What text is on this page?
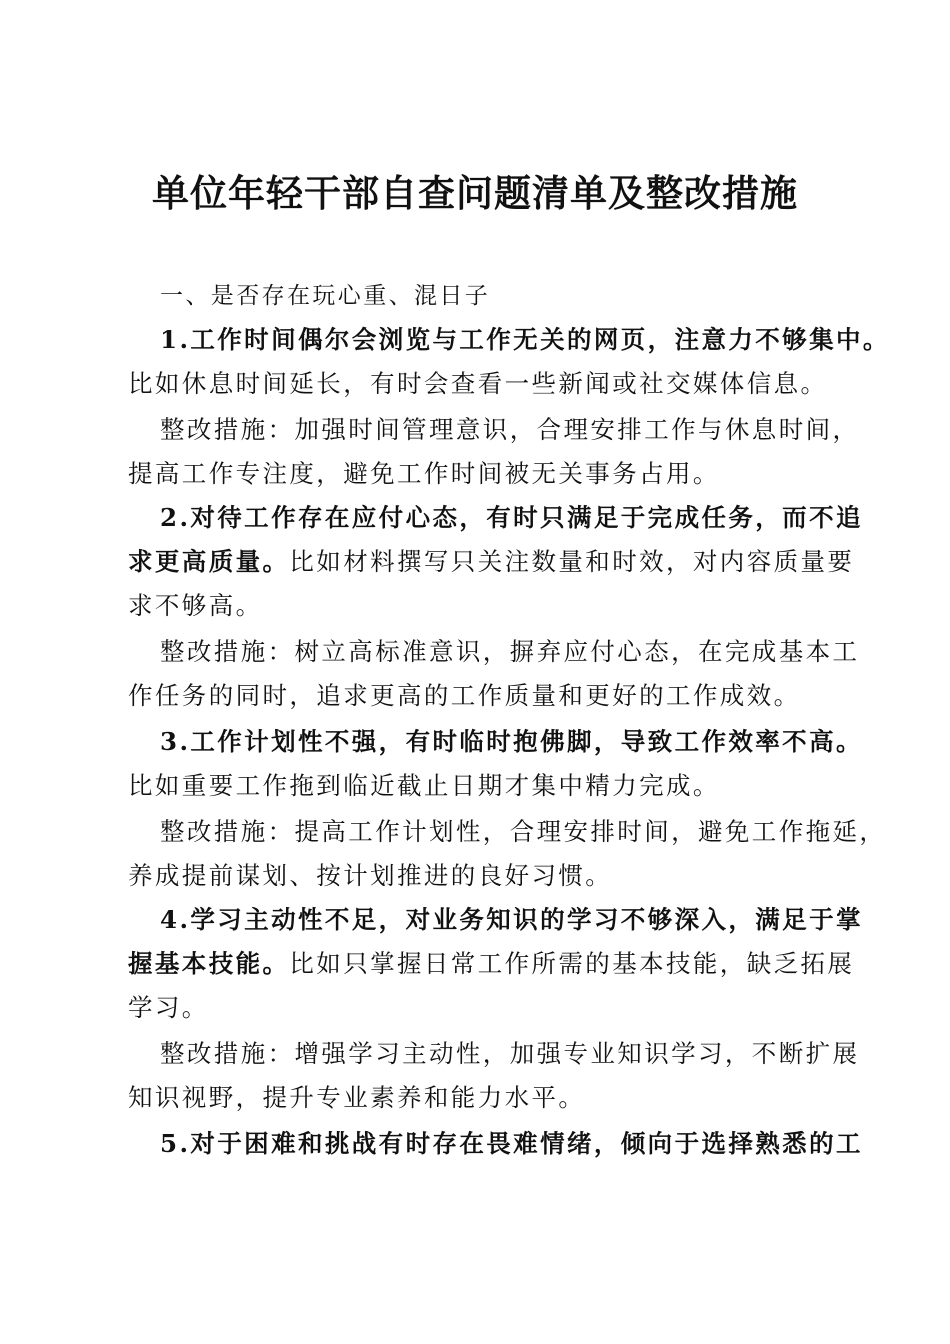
单位年轻干部自查问题清单及整改措施
一、是否存在玩心重、混日子
1.工作时间偶尔会浏览与工作无关的网页，注意力不够集中。
比如休息时间延长，有时会查看一些新闻或社交媒体信息。
整改措施：加强时间管理意识，合理安排工作与休息时间，
提高工作专注度，避免工作时间被无关事务占用。
2.对待工作存在应付心态，有时只满足于完成任务，而不追
求更高质量。比如材料撰写只关注数量和时效，对内容质量要
求不够高。
整改措施：树立高标准意识，摒弃应付心态，在完成基本工
作任务的同时，追求更高的工作质量和更好的工作成效。
3.工作计划性不强，有时临时抱佛脚，导致工作效率不高。
比如重要工作拖到临近截止日期才集中精力完成。
整改措施：提高工作计划性，合理安排时间，避免工作拖延，
养成提前谋划、按计划推进的良好习惯。
4.学习主动性不足，对业务知识的学习不够深入，满足于掌
握基本技能。比如只掌握日常工作所需的基本技能，缺乏拓展
学习。
整改措施：增强学习主动性，加强专业知识学习，不断扩展
知识视野，提升专业素养和能力水平。
5.对于困难和挑战有时存在畏难情绪，倾向于选择熟悉的工
